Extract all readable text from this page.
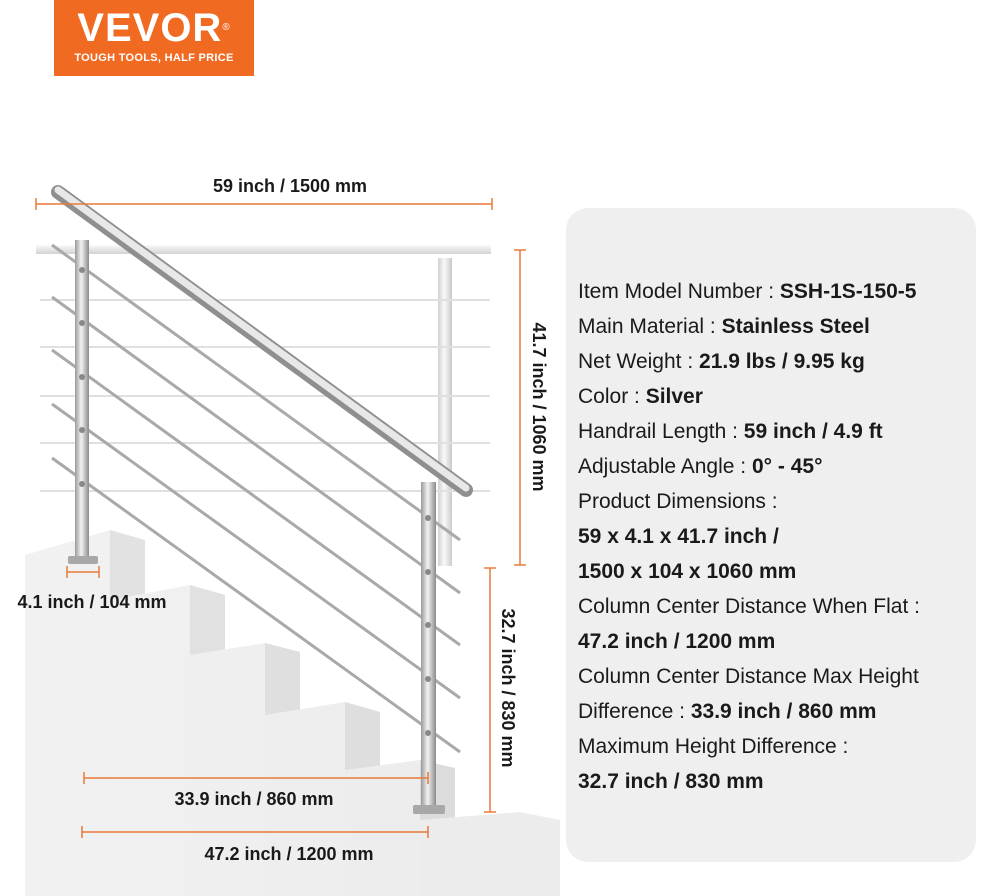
VEVOR®
TOUGH TOOLS, HALF PRICE
59 inch / 1500 mm
41.7 inch / 1060 mm
32.7 inch / 830 mm
4.1 inch / 104 mm
33.9 inch / 860 mm
47.2 inch / 1200 mm
Item Model Number : SSH-1S-150-5
Main Material : Stainless Steel
Net Weight : 21.9 lbs / 9.95 kg
Color : Silver
Handrail Length : 59 inch / 4.9 ft
Adjustable Angle : 0° - 45°
Product Dimensions :
59 x 4.1 x 41.7 inch /
1500 x 104 x 1060 mm
Column Center Distance When Flat :
47.2 inch / 1200 mm
Column Center Distance Max Height
Difference : 33.9 inch / 860 mm
Maximum Height Difference :
32.7 inch / 830 mm
